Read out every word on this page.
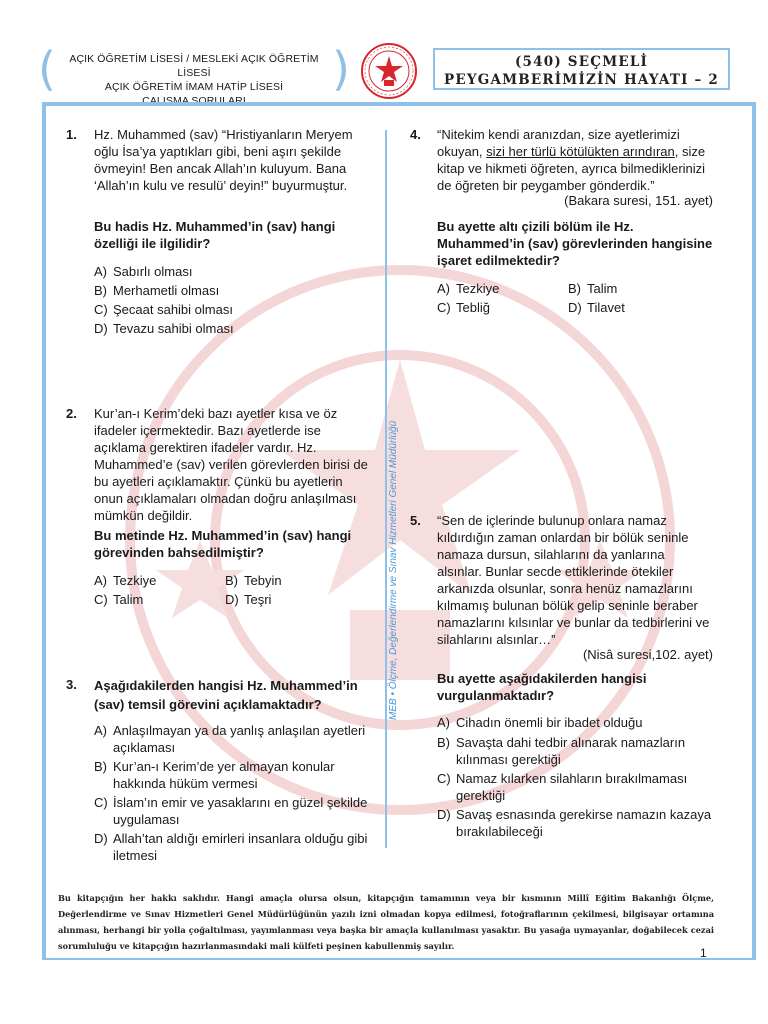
(	AÇIK ÖĞRETİM LİSESİ / MESLEKİ AÇIK ÖĞRETİM LİSESİ
AÇIK ÖĞRETİM İMAM HATİP LİSESİ
ÇALIŞMA SORULARI
)	(540) SEÇMELİ
PEYGAMBERİMİZİN HAYATI – 2
MEB • Ölçme, Değerlendirme ve Sınav Hizmetleri Genel Müdürlüğü
1. Hz. Muhammed (sav) “Hristiyanların Meryem oğlu İsa’ya yaptıkları gibi, beni aşırı şekilde övmeyin! Ben ancak Allah’ın kuluyum. Bana ‘Allah’ın kulu ve resulü’ deyin!” buyurmuştur.
Bu hadis Hz. Muhammed’in (sav) hangi özelliği ile ilgilidir?
A) Sabırlı olması
B) Merhametli olması
C) Şecaat sahibi olması
D) Tevazu sahibi olması
2. Kur’an-ı Kerim’deki bazı ayetler kısa ve öz ifadeler içermektedir. Bazı ayetlerde ise açıklama gerektiren ifadeler vardır. Hz. Muhammed’e (sav) verilen görevlerden birisi de bu ayetleri açıklamaktır. Çünkü bu ayetlerin onun açıklamaları olmadan doğru anlaşılması mümkün değildir.
Bu metinde Hz. Muhammed’in (sav) hangi görevinden bahsedilmiştir?
A) Tezkiye	B) Tebyin
C) Talim	D) Teşri
3. Aşağıdakilerden hangisi Hz. Muhammed’in (sav) temsil görevini açıklamaktadır?
A) Anlaşılmayan ya da yanlış anlaşılan ayetleri açıklaması
B) Kur’an-ı Kerim’de yer almayan konular hakkında hüküm vermesi
C) İslam’ın emir ve yasaklarını en güzel şekilde uygulaması
D) Allah’tan aldığı emirleri insanlara olduğu gibi iletmesi
4. “Nitekim kendi aranızdan, size ayetlerimizi okuyan, sizi her türlü kötülükten arındıran, size kitap ve hikmeti öğreten, ayrıca bilmediklerinizi de öğreten bir peygamber gönderdik.”
(Bakara suresi, 151. ayet)
Bu ayette altı çizili bölüm ile Hz. Muhammed’in (sav) görevlerinden hangisine işaret edilmektedir?
A) Tezkiye	B) Talim
C) Tebliğ	D) Tilavet
5. “Sen de içlerinde bulunup onlara namaz kıldırdığın zaman onlardan bir bölük seninle namaza dursun, silahlarını da yanlarına alsınlar. Bunlar secde ettiklerinde ötekiler arkanızda olsunlar, sonra henüz namazlarını kılmamış bulunan bölük gelip seninle beraber namazlarını kılsınlar ve bunlar da tedbirlerini ve silahlarını alsınlar…”
(Nisâ suresi,102. ayet)
Bu ayette aşağıdakilerden hangisi vurgulanmaktadır?
A) Cihadın önemli bir ibadet olduğu
B) Savaşta dahi tedbir alınarak namazların kılınması gerektiği
C) Namaz kılarken silahların bırakılmaması gerektiği
D) Savaş esnasında gerekirse namazın kazaya bırakılabileceği
Bu kitapçığın her hakkı saklıdır. Hangi amaçla olursa olsun, kitapçığın tamamının veya bir kısmının Millî Eğitim Bakanlığı Ölçme, Değerlendirme ve Sınav Hizmetleri Genel Müdürlüğünün yazılı izni olmadan kopya edilmesi, fotoğraflarının çekilmesi, bilgisayar ortamına alınması, herhangi bir yolla çoğaltılması, yayımlanması veya başka bir amaçla kullanılması yasaktır. Bu yasağa uymayanlar, doğabilecek cezai sorumluluğu ve kitapçığın hazırlanmasındaki mali külfeti peşinen kabullenmiş sayılır.	1
